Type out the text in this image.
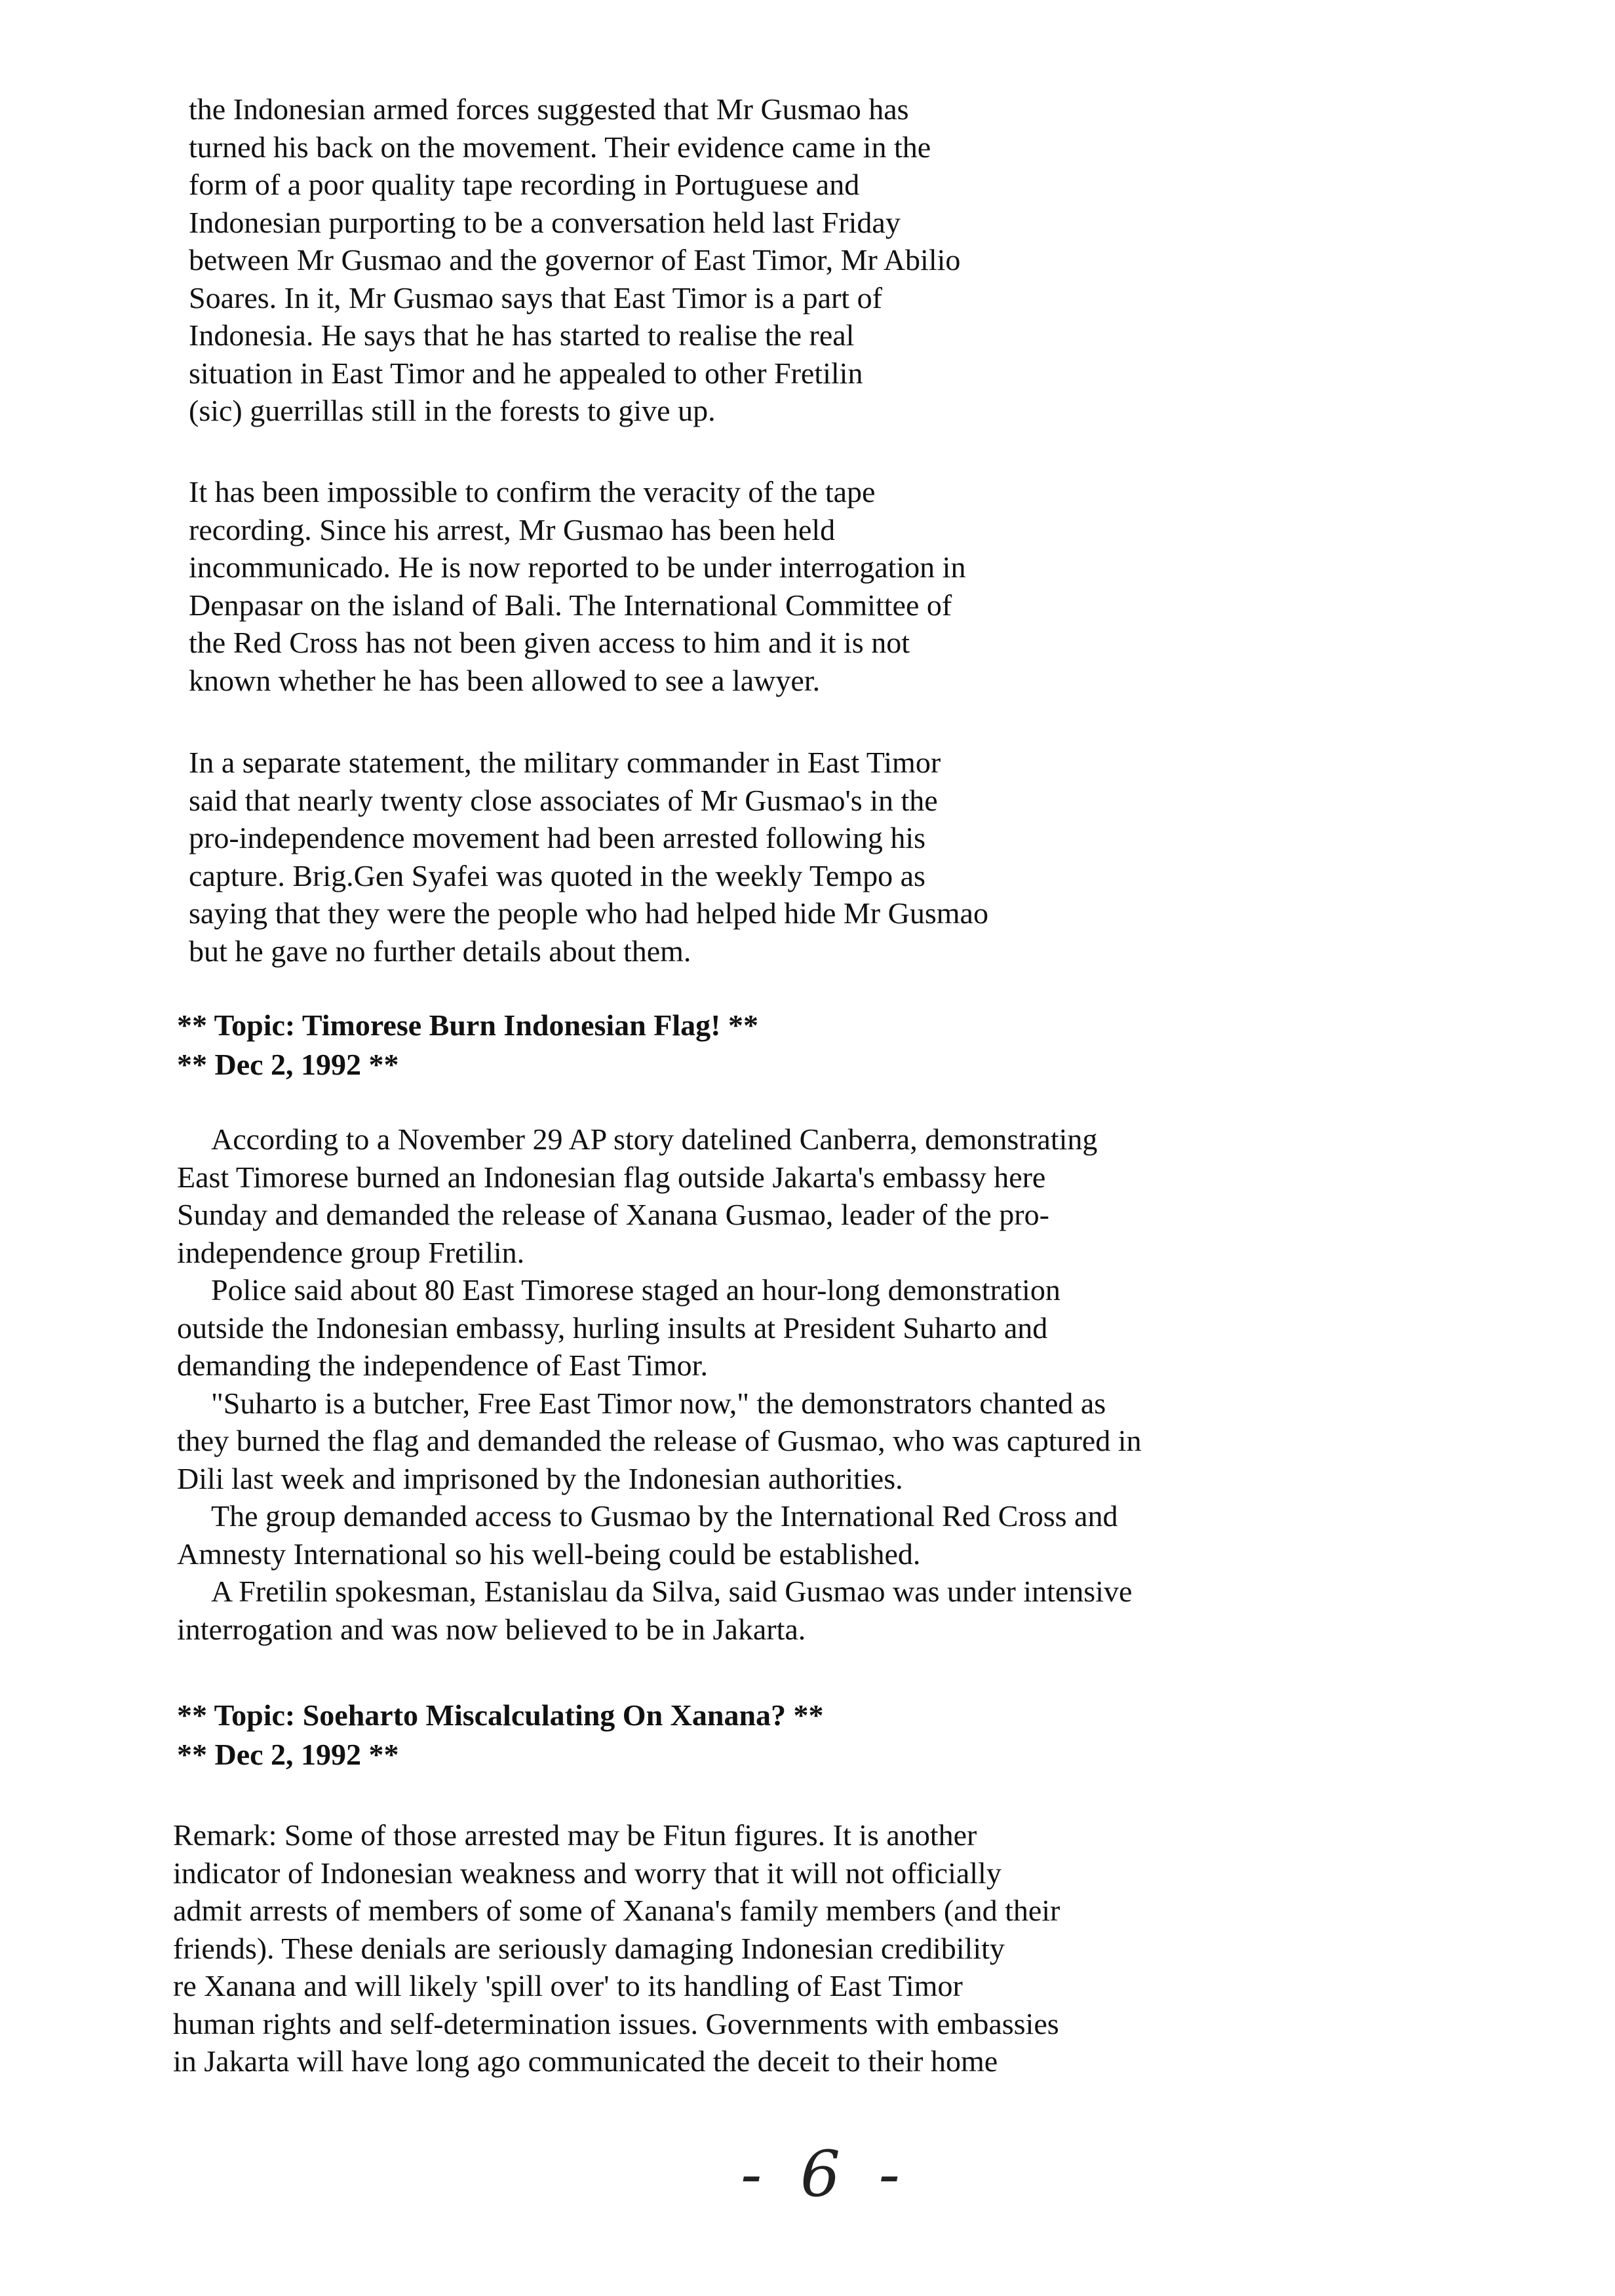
the Indonesian armed forces suggested that Mr Gusmao has
turned his back on the movement. Their evidence came in the
form of a poor quality tape recording in Portuguese and
Indonesian purporting to be a conversation held last Friday
between Mr Gusmao and the governor of East Timor, Mr Abilio
Soares. In it, Mr Gusmao says that East Timor is a part of
Indonesia. He says that he has started to realise the real
situation in East Timor and he appealed to other Fretilin
(sic) guerrillas still in the forests to give up.
It has been impossible to confirm the veracity of the tape
recording. Since his arrest, Mr Gusmao has been held
incommunicado. He is now reported to be under interrogation in
Denpasar on the island of Bali. The International Committee of
the Red Cross has not been given access to him and it is not
known whether he has been allowed to see a lawyer.
In a separate statement, the military commander in East Timor
said that nearly twenty close associates of Mr Gusmao's in the
pro-independence movement had been arrested following his
capture. Brig.Gen Syafei was quoted in the weekly Tempo as
saying that they were the people who had helped hide Mr Gusmao
but he gave no further details about them.
** Topic: Timorese Burn Indonesian Flag! **
** Dec 2, 1992 **
According to a November 29 AP story datelined Canberra, demonstrating
East Timorese burned an Indonesian flag outside Jakarta's embassy here
Sunday and demanded the release of Xanana Gusmao, leader of the pro-
independence group Fretilin.
Police said about 80 East Timorese staged an hour-long demonstration
outside the Indonesian embassy, hurling insults at President Suharto and
demanding the independence of East Timor.
"Suharto is a butcher, Free East Timor now," the demonstrators chanted as
they burned the flag and demanded the release of Gusmao, who was captured in
Dili last week and imprisoned by the Indonesian authorities.
The group demanded access to Gusmao by the International Red Cross and
Amnesty International so his well-being could be established.
A Fretilin spokesman, Estanislau da Silva, said Gusmao was under intensive
interrogation and was now believed to be in Jakarta.
** Topic: Soeharto Miscalculating On Xanana? **
** Dec 2, 1992 **
Remark: Some of those arrested may be Fitun figures. It is another
indicator of Indonesian weakness and worry that it will not officially
admit arrests of members of some of Xanana's family members (and their
friends). These denials are seriously damaging Indonesian credibility
re Xanana and will likely 'spill over' to its handling of East Timor
human rights and self-determination issues. Governments with embassies
in Jakarta will have long ago communicated the deceit to their home
- 6 -
